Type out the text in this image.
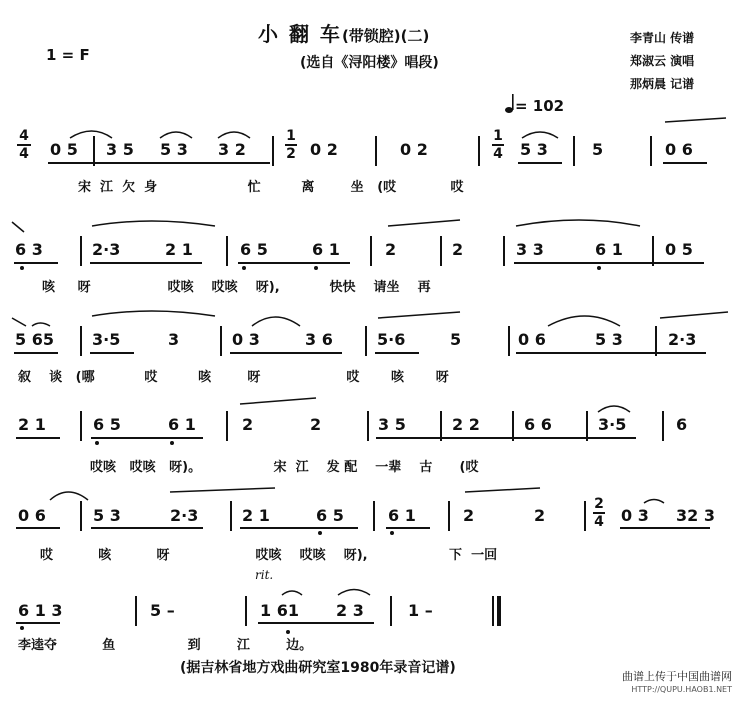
小 翻 车(带锁腔)(二)
(选自《浔阳楼》唱段)
1 = F
李青山 传谱
郑淑云 演唱
那炳晨 记谱
= 102
4
4
1
2
1
4
2
4
0 5 3 5 5 3 3 2	0 2	0 2	5 3	5	0 6
宋  江  欠  身                    忙         离        坐   (哎            哎
6 3	2·3	2 1	6 5	6 1	2	2	3 3	6 1	0 5
咳     呀                 哎咳    哎咳    呀),           快快    请坐    再
5 65 3·5	3	0 3	3 6	5·6	5	0 6	5 3	2·3
叙    谈   (哪           哎         咳        呀                   哎       咳       呀
2 1	6 5	6 1	2	2	3 5	2 2	6 6	3·5	6
哎咳   哎咳   呀)。                宋  江    发 配    一辈    古      (哎
0 6	5 3	2·3	2 1	6 5	6 1	2	2	0 3 32 3
哎          咳          呀                   哎咳    哎咳    呀),                  下  一回
rit.
6 1 3	5 –	1 61 2 3	1 –
李逵夺          鱼                到        江        边。
(据吉林省地方戏曲研究室1980年录音记谱)
曲谱上传于中国曲谱网
HTTP://QUPU.HAOB1.NET
